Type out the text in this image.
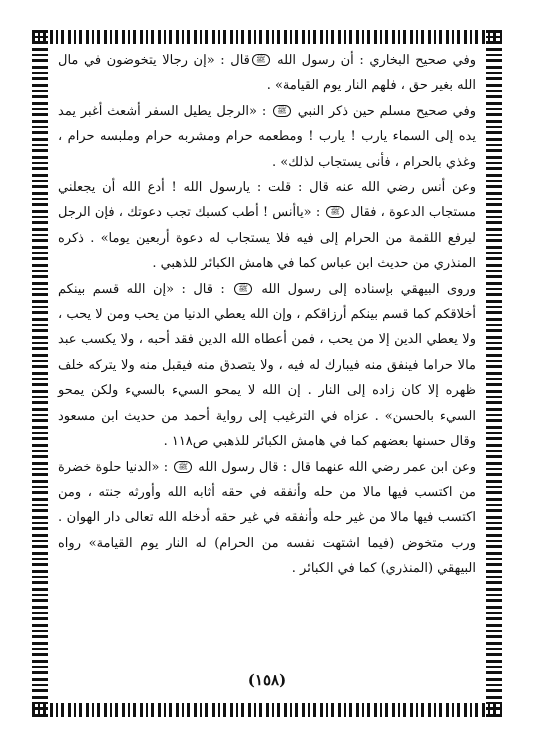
وفي صحيح البخاري : أن رسول الله ﷺقال : «إن رجالا يتخوضون في مال الله بغير حق ، فلهم النار يوم القيامة» .

وفي صحيح مسلم حين ذكر النبي ﷺ : «الرجل يطيل السفر أشعث أغبر يمد يده إلى السماء يارب ! يارب ! ومطعمه حرام ومشربه حرام وملبسه حرام ، وغذي بالحرام ، فأنى يستجاب لذلك» .

وعن أنس رضي الله عنه قال : قلت : يارسول الله ! أدع الله أن يجعلني مستجاب الدعوة ، فقال ﷺ : «ياأنس ! أطب كسبك تجب دعوتك ، فإن الرجل ليرفع اللقمة من الحرام إلى فيه فلا يستجاب له دعوة أربعين يوما» . ذكره المنذري من حديث ابن عباس كما في هامش الكبائر للذهبي .

وروى البيهقي بإسناده إلى رسول الله ﷺ : قال : «إن الله قسم بينكم أخلاقكم كما قسم بينكم أرزاقكم ، وإن الله يعطي الدنيا من يحب ومن لا يحب ، ولا يعطي الدين إلا من يحب ، فمن أعطاه الله الدين فقد أحبه ، ولا يكسب عبد مالا حراما فينفق منه فيبارك له فيه ، ولا يتصدق منه فيقبل منه ولا يتركه خلف ظهره إلا كان زاده إلى النار . إن الله لا يمحو السيء بالسيء ولكن يمحو السيء بالحسن» . عزاه في الترغيب إلى رواية أحمد من حديث ابن مسعود وقال حسنها بعضهم كما في هامش الكبائر للذهبي ص١١٨ .

وعن ابن عمر رضي الله عنهما قال : قال رسول الله ﷺ : «الدنيا حلوة خضرة من اكتسب فيها مالا من حله وأنفقه في حقه أثابه الله وأورثه جنته ، ومن اكتسب فيها مالا من غير حله وأنفقه في غير حقه أدخله الله تعالى دار الهوان . ورب متخوض (فيما اشتهت نفسه من الحرام) له النار يوم القيامة» رواه البيهقي (المنذري) كما في الكبائر .

(١٥٨)
